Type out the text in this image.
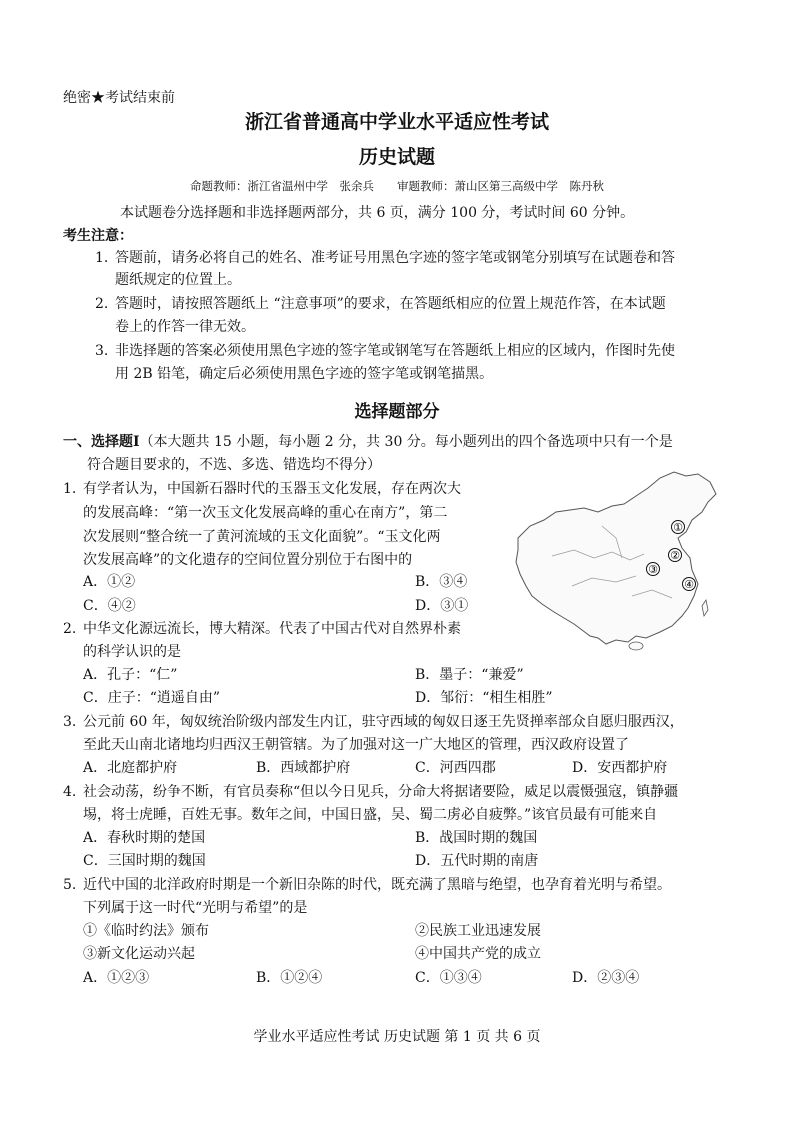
绝密★考试结束前
浙江省普通高中学业水平适应性考试
历史试题
命题教师：浙江省温州中学　张余兵　　审题教师：萧山区第三高级中学　陈丹秋
本试题卷分选择题和非选择题两部分，共 6 页，满分 100 分，考试时间 60 分钟。
考生注意：
1. 答题前，请务必将自己的姓名、准考证号用黑色字迹的签字笔或钢笔分别填写在试题卷和答
题纸规定的位置上。
2. 答题时，请按照答题纸上 “注意事项”的要求，在答题纸相应的位置上规范作答，在本试题
卷上的作答一律无效。
3. 非选择题的答案必须使用黑色字迹的签字笔或钢笔写在答题纸上相应的区域内，作图时先使
用 2B 铅笔，确定后必须使用黑色字迹的签字笔或钢笔描黑。
选择题部分
一、选择题Ⅰ（本大题共 15 小题，每小题 2 分，共 30 分。每小题列出的四个备选项中只有一个是
符合题目要求的，不选、多选、错选均不得分）
1. 有学者认为，中国新石器时代的玉器玉文化发展，存在两次大
的发展高峰：“第一次玉文化发展高峰的重心在南方”，第二
次发展则“整合统一了黄河流域的玉文化面貌”。“玉文化两
次发展高峰”的文化遗存的空间位置分别位于右图中的
A．①②	B．③④
C．④②	D．③①
①
②
③
④
2. 中华文化源远流长，博大精深。代表了中国古代对自然界朴素
的科学认识的是
A．孔子：“仁”	B．墨子：“兼爱”
C．庄子：“逍遥自由”	D．邹衍：“相生相胜”
3. 公元前 60 年，匈奴统治阶级内部发生内讧，驻守西域的匈奴日逐王先贤掸率部众自愿归服西汉，
至此天山南北诸地均归西汉王朝管辖。为了加强对这一广大地区的管理，西汉政府设置了
A．北庭都护府	B．西域都护府	C．河西四郡	D．安西都护府
4. 社会动荡，纷争不断，有官员奏称“但以今日见兵，分命大将据诸要险，威足以震慑强寇，镇静疆
埸，将士虎睡，百姓无事。数年之间，中国日盛，吴、蜀二虏必自疲弊。”该官员最有可能来自
A．春秋时期的楚国	B．战国时期的魏国
C．三国时期的魏国	D．五代时期的南唐
5. 近代中国的北洋政府时期是一个新旧杂陈的时代，既充满了黑暗与绝望，也孕育着光明与希望。
下列属于这一时代“光明与希望”的是
①《临时约法》颁布	②民族工业迅速发展
③新文化运动兴起	④中国共产党的成立
A．①②③	B．①②④	C．①③④	D．②③④
学业水平适应性考试 历史试题 第 1 页 共 6 页
